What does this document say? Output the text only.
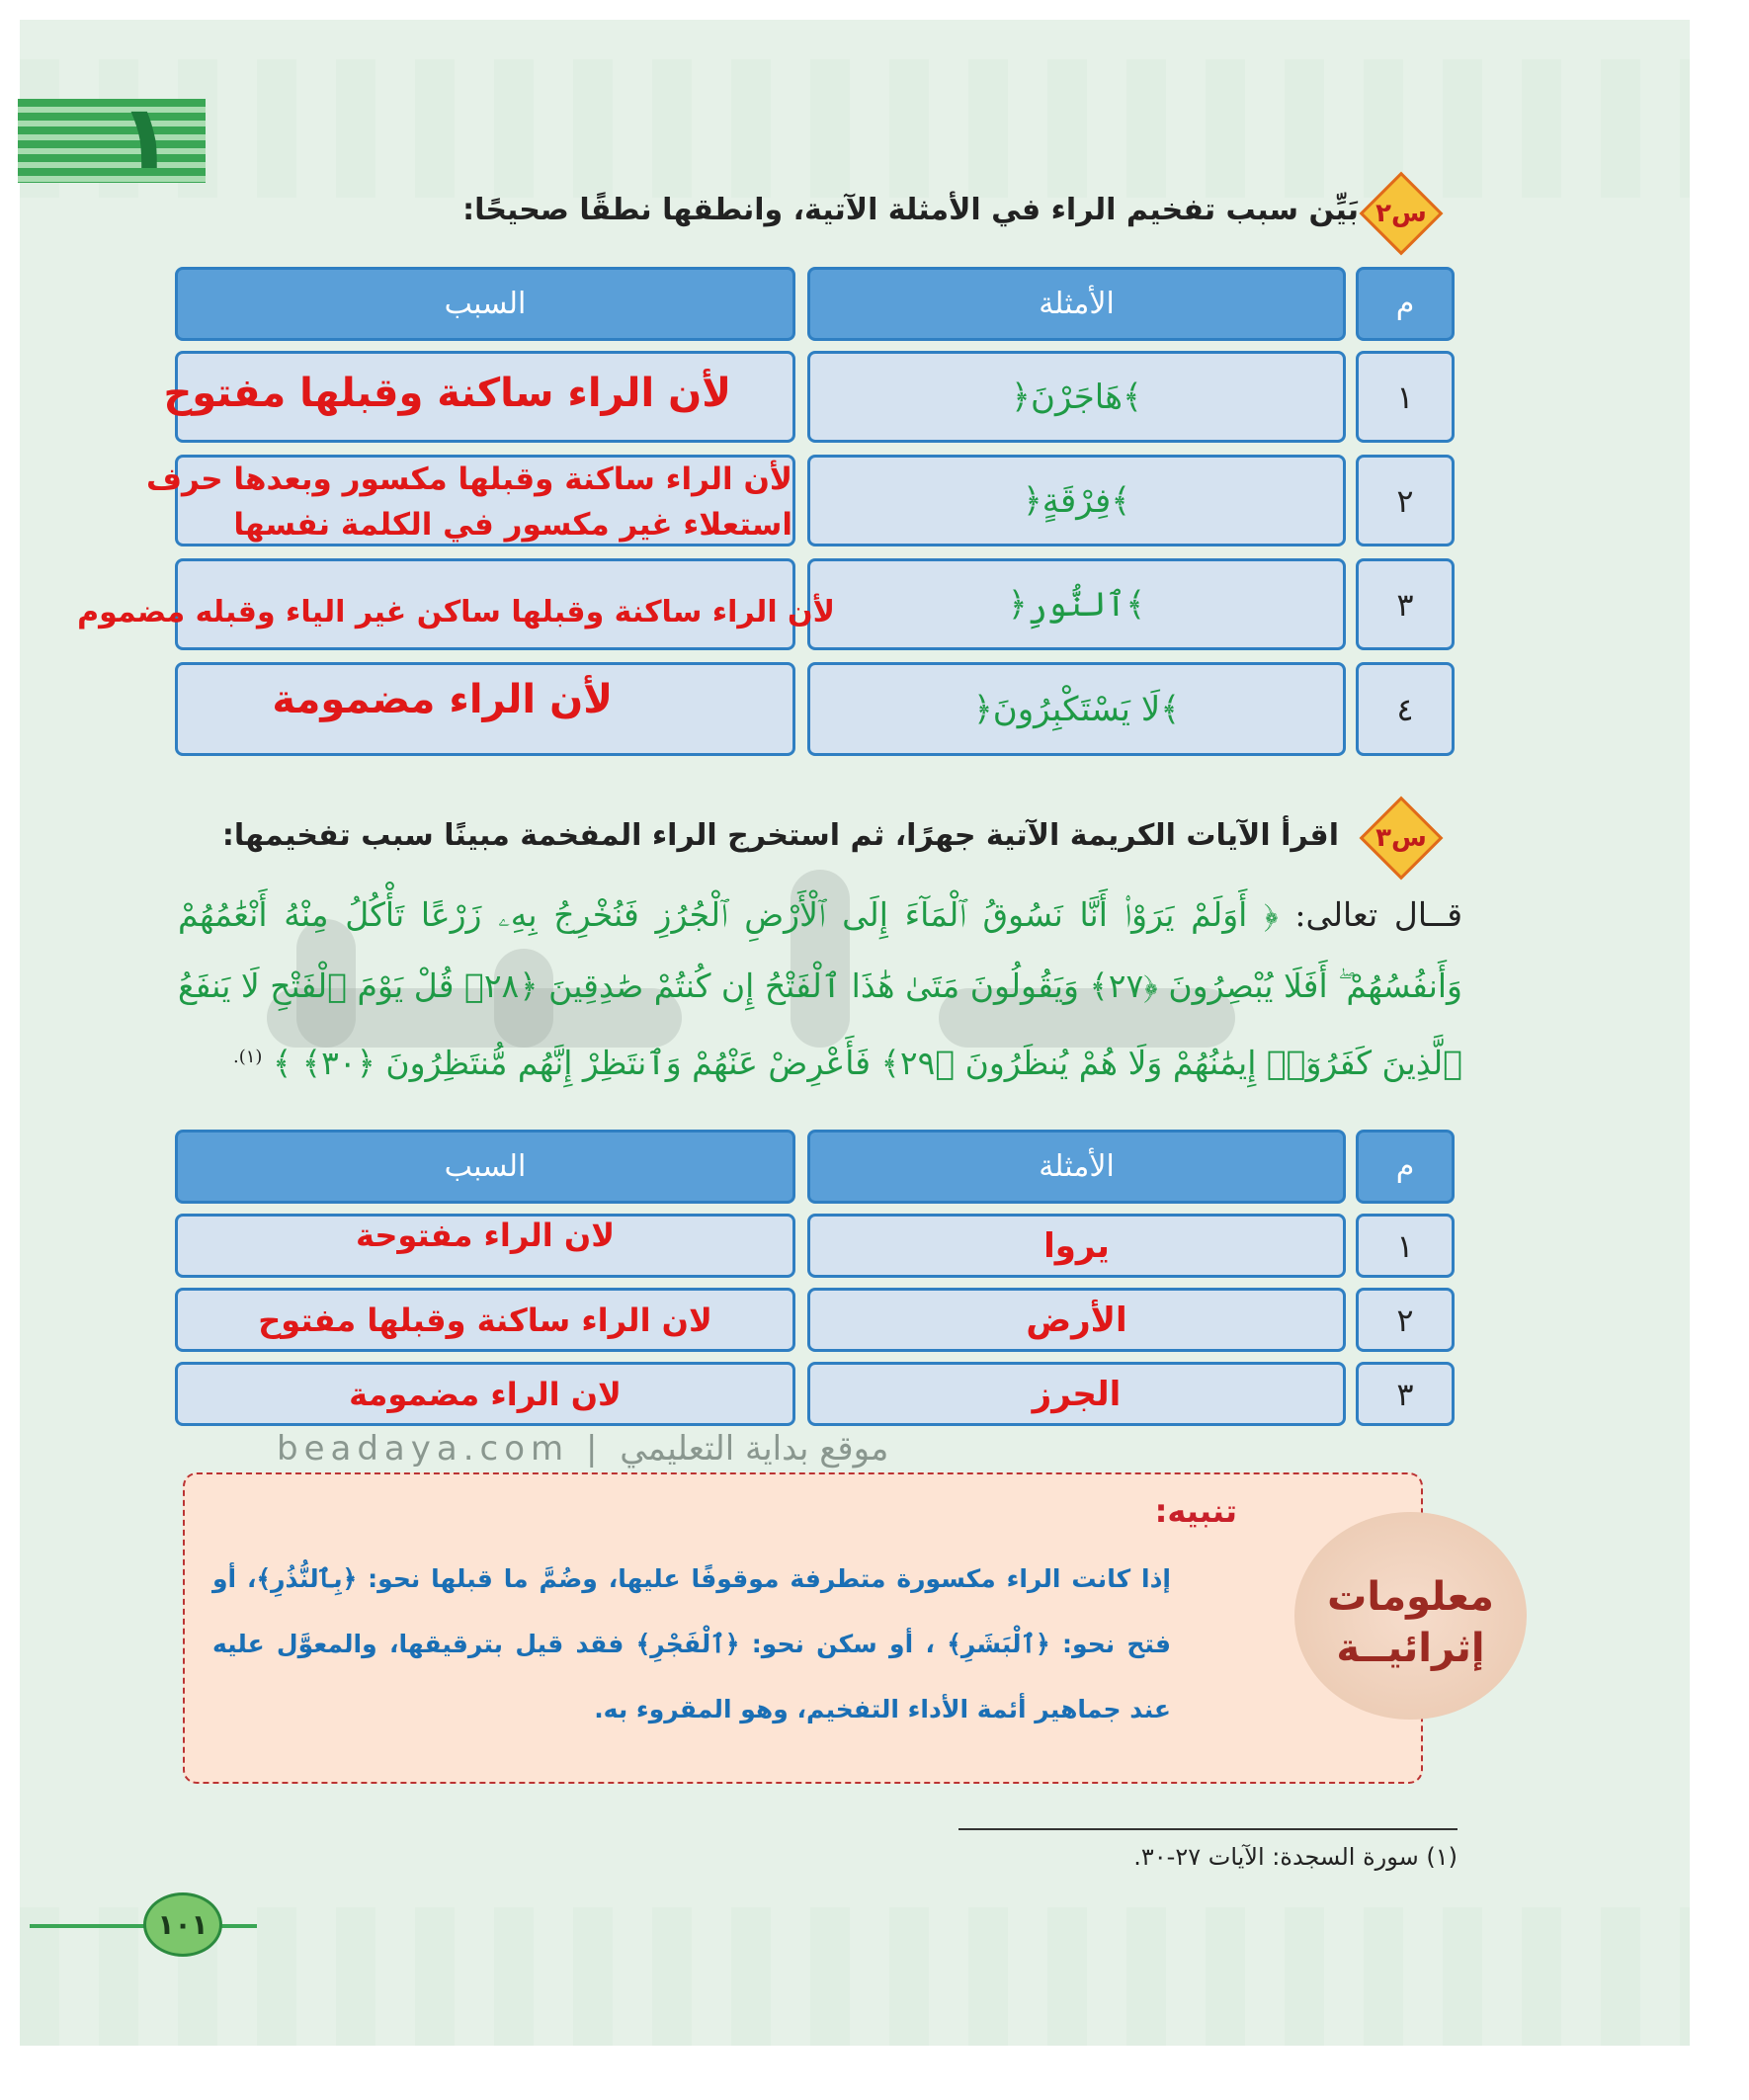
١
beadaya.com | موقع بداية التعليمي
س٢
بَيِّن سبب تفخيم الراء في الأمثلة الآتية، وانطقها نطقًا صحيحًا:
م
الأمثلة
السبب
١
﴿هَاجَرْنَ﴾
لأن الراء ساكنة وقبلها مفتوح
٢
﴿فِرْقَةٍ﴾
لأن الراء ساكنة وقبلها مكسور وبعدها حرف استعلاء غير مكسور في الكلمة نفسها
٣
﴿ٱلنُّورِ﴾
لأن الراء ساكنة وقبلها ساكن غير الياء وقبله مضموم
٤
﴿لَا يَسْتَكْبِرُونَ﴾
لأن الراء مضمومة
س٣
اقرأ الآيات الكريمة الآتية جهرًا، ثم استخرج الراء المفخمة مبينًا سبب تفخيمها:
قــال تعالى: ﴿ أَوَلَمْ يَرَوْا۟ أَنَّا نَسُوقُ ٱلْمَآءَ إِلَى ٱلْأَرْضِ ٱلْجُرُزِ فَنُخْرِجُ بِهِۦ زَرْعًا تَأْكُلُ مِنْهُ أَنْعَٰمُهُمْ وَأَنفُسُهُمْ ۖ أَفَلَا يُبْصِرُونَ ﴿٢٧﴾ وَيَقُولُونَ مَتَىٰ هَٰذَا ٱلْفَتْحُ إِن كُنتُمْ صَٰدِقِينَ ﴿٢٨﴾ قُلْ يَوْمَ ٱلْفَتْحِ لَا يَنفَعُ ٱلَّذِينَ كَفَرُوٓا۟ إِيمَٰنُهُمْ وَلَا هُمْ يُنظَرُونَ ﴿٢٩﴾ فَأَعْرِضْ عَنْهُمْ وَٱنتَظِرْ إِنَّهُم مُّنتَظِرُونَ ﴿٣٠﴾ ﴾ $^{(١).}$
م
الأمثلة
السبب
١
يروا
لان الراء مفتوحة
٢
الأرض
لان الراء ساكنة وقبلها مفتوح
٣
الجرز
لان الراء مضمومة
معلومات
إثرائيــة
تنبيه:
إذا كانت الراء مكسورة متطرفة موقوفًا عليها، وضُمَّ ما قبلها نحو: ﴿بِٱلنُّذُرِ﴾، أو فتح نحو: ﴿ٱلْبَشَرِ﴾ ، أو سكن نحو: ﴿ٱلْفَجْرِ﴾ فقد قيل بترقيقها، والمعوَّل عليه عند جماهير أئمة الأداء التفخيم، وهو المقروء به.
(١) سورة السجدة: الآيات ٢٧-٣٠.
١٠١
